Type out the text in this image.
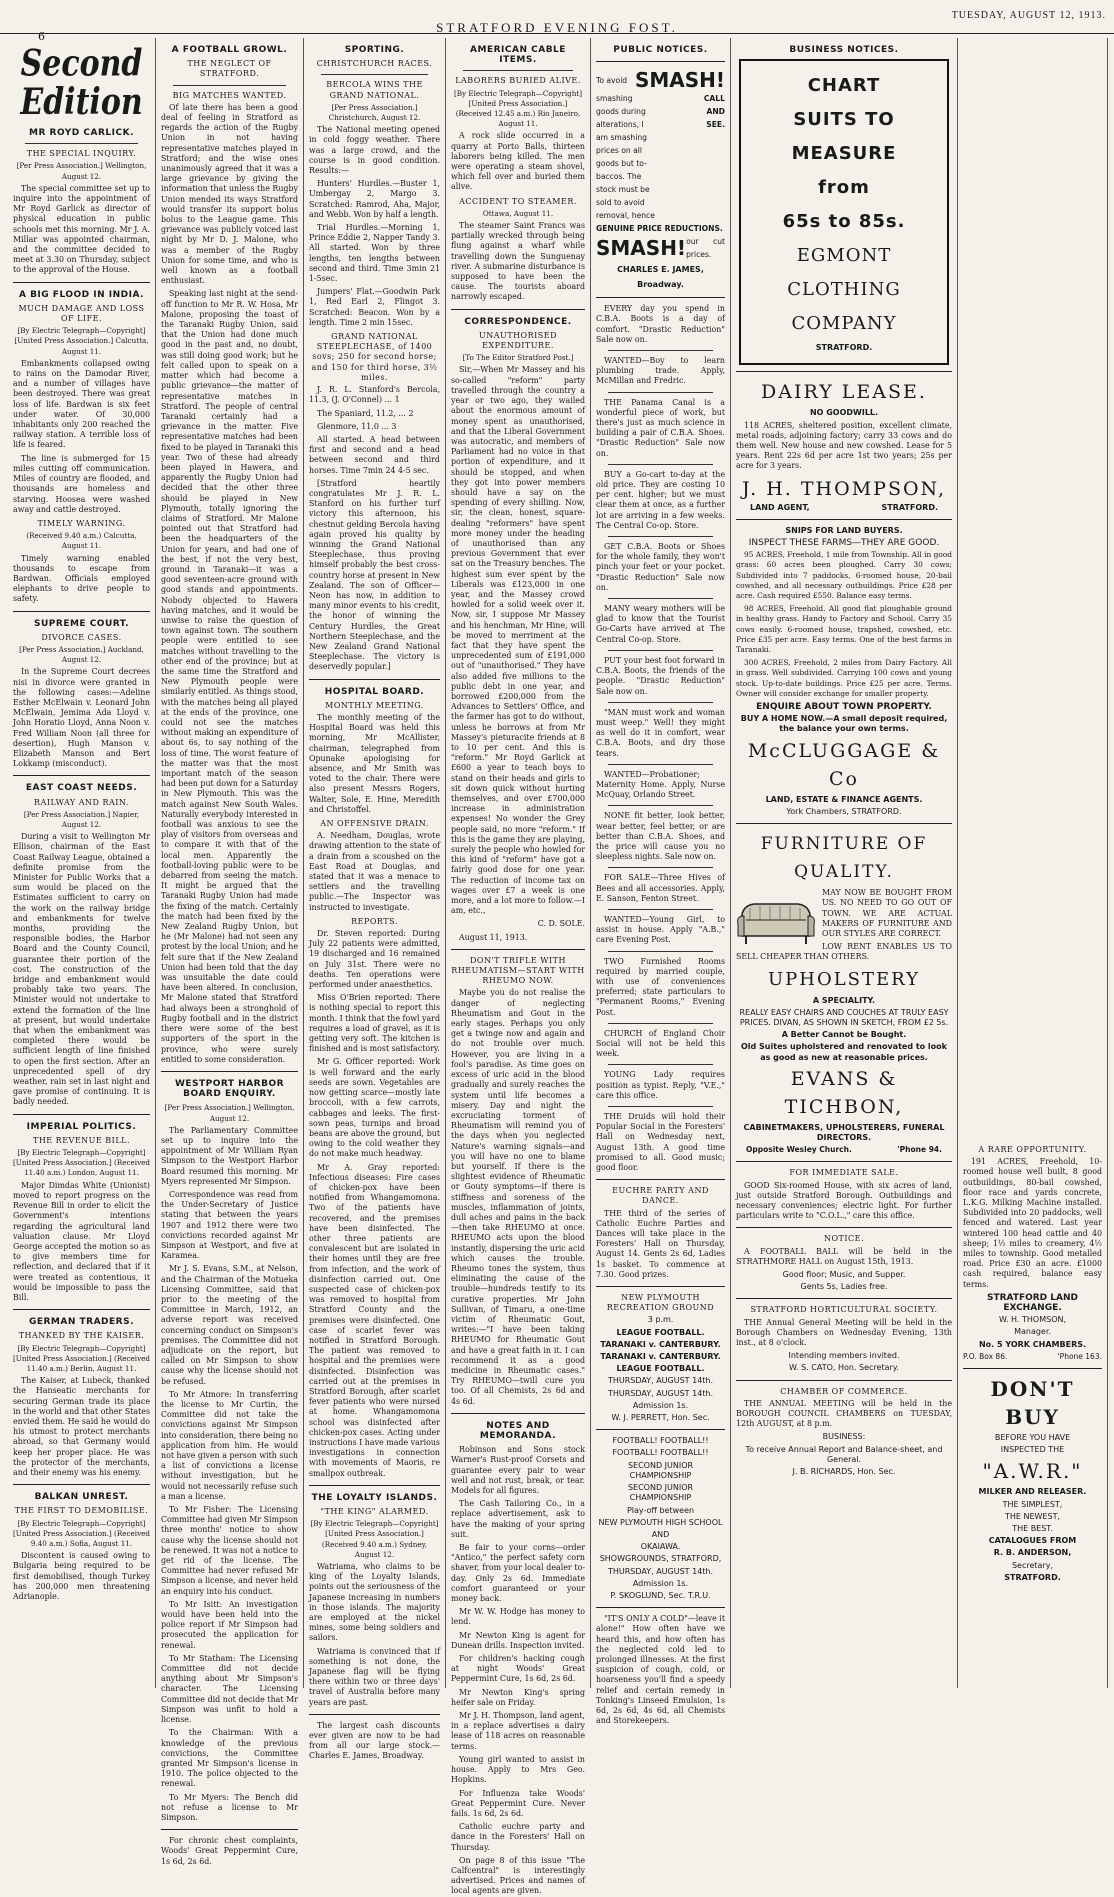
6
STRATFORD EVENING FOST.
TUESDAY, AUGUST 12, 1913.
Second Edition
MR ROYD CARLICK.
THE SPECIAL INQUIRY.
[Per Press Association.] Wellington, August 12.

The special committee set up to inquire into the appointment of Mr Royd Garlick as director of physical education in public schools met this morning. Mr J. A. Millar was appointed chairman, and the committee decided to meet at 3.30 on Thursday, subject to the approval of the House.

A BIG FLOOD IN INDIA.
MUCH DAMAGE AND LOSS OF LIFE.
[By Electric Telegraph—Copyright] [United Press Association.] Calcutta, August 11.

Embankments collapsed owing to rains on the Damodar River, and a number of villages have been destroyed. There was great loss of life. Bardwan is six feet under water. Of 30,000 inhabitants only 200 reached the railway station. A terrible loss of life is feared.

The line is submerged for 15 miles cutting off communication. Miles of country are flooded, and thousands are homeless and starving. Hoosea were washed away and cattle destroyed.

TIMELY WARNING.
(Received 9.40 a.m.) Calcutta, August 11.

Timely warning enabled thousands to escape from Bardwan. Officials employed elephants to drive people to safety.

SUPREME COURT.
DIVORCE CASES.
[Per Press Association.] Auckland, August 12.

In the Supreme Court decrees nisi in divorce were granted in the following cases:—Adeline Esther McElwain v. Leonard John McElwain, Jemima Ada Lloyd v. John Horatio Lloyd, Anna Noon v. Fred William Noon (all three for desertion), Hugh Manson v. Elizabeth Manson and Bert Lokkamp (misconduct).

EAST COAST NEEDS.
RAILWAY AND RAIN.
[Per Press Association.] Napier, August 12.

During a visit to Wellington Mr Ellison, chairman of the East Coast Railway League, obtained a definite promise from the Minister for Public Works that a sum would be placed on the Estimates sufficient to carry on the work on the railway bridge and embankments for twelve months, providing the responsible bodies, the Harbor Board and the County Council, guarantee their portion of the cost. The construction of the bridge and embankment would probably take two years. The Minister would not undertake to extend the formation of the line at present, but would undertake that when the embankment was completed there would be sufficient length of line finished to open the first section. After an unprecedented spell of dry weather, rain set in last night and gave promise of continuing. It is badly needed.

IMPERIAL POLITICS.
THE REVENUE BILL.
[By Electric Telegraph—Copyright] [United Press Association.] (Received 11.40 a.m.) London, August 11.

Major Dimdas White (Unionist) moved to report progress on the Revenue Bill in order to elicit the Government's intentions regarding the agricultural land valuation clause. Mr Lloyd George accepted the motion so as to give members time for reflection, and declared that if it were treated as contentious, it would be impossible to pass the Bill.

GERMAN TRADERS.
THANKED BY THE KAISER.
[By Electric Telegraph—Copyright] [United Press Association.] (Received 11.40 a.m.) Berlin, August 11.

The Kaiser, at Lubeck, thanked the Hanseatic merchants for securing German trade its place in the world and that other States envied them. He said he would do his utmost to protect merchants abroad, so that Germany would keep her proper place. He was the protector of the merchants, and their enemy was his enemy.

BALKAN UNREST.
THE FIRST TO DEMOBILISE.
[By Electric Telegraph—Copyright] [United Press Association.] (Received 9.40 a.m.) Sofia, August 11.

Discontent is caused owing to Bulgaria being required to be first demobilised, though Turkey has 200,000 men threatening Adrianople.

A FOOTBALL GROWL.
THE NEGLECT OF STRATFORD.
BIG MATCHES WANTED.

Of late there has been a good deal of feeling in Stratford as regards the action of the Rugby Union in not having representative matches played in Stratford; and the wise ones unanimously agreed that it was a large grievance by giving the information that unless the Rugby Union mended its ways Stratford would transfer its support bolus bolus to the League game. This grievance was publicly voiced last night by Mr D. J. Malone, who was a member of the Rugby Union for some time, and who is well known as a football enthusiast.

Speaking last night at the send-off function to Mr R. W. Hosa, Mr Malone, proposing the toast of the Taranaki Rugby Union, said that the Union had done much good in the past and, no doubt, was still doing good work; but he felt called upon to speak on a matter which had become a public grievance—the matter of representative matches in Stratford. The people of central Taranaki certainly had a grievance in the matter. Five representative matches had been fixed to be played in Taranaki this year. Two of these had already been played in Hawera, and apparently the Rugby Union had decided that the other three should be played in New Plymouth, totally ignoring the claims of Stratford. Mr Malone pointed out that Stratford had been the headquarters of the Union for years, and had one of the best, if not the very best, ground in Taranaki—it was a good seventeen-acre ground with good stands and appointments. Nobody objected to Hawera having matches, and it would be unwise to raise the question of town against town. The southern people were entitled to see matches without travelling to the other end of the province; but at the same time the Stratford and New Plymouth people were similarly entitled. As things stood, with the matches being all played at the ends of the province, one could not see the matches without making an expenditure of about 6s, to say nothing of the loss of time. The worst feature of the matter was that the most important match of the season had been put down for a Saturday in New Plymouth. This was the match against New South Wales. Naturally everybody interested in football was anxious to see the play of visitors from overseas and to compare it with that of the local men. Apparently the football-loving public were to be debarred from seeing the match. It might be argued that the Taranaki Rugby Union had made the fixing of the match. Certainly the match had been fixed by the New Zealand Rugby Union, but he (Mr Malone) had not seen any protest by the local Union; and he felt sure that if the New Zealand Union had been told that the day was unsuitable the date could have been altered. In conclusion, Mr Malone stated that Stratford had always been a stronghold of Rugby football and in the district there were some of the best supporters of the sport in the province, who were surely entitled to some consideration.

WESTPORT HARBOR BOARD ENQUIRY.
[Per Press Association.] Wellington, August 12.

The Parliamentary Committee set up to inquire into the appointment of Mr William Ryan Simpson to the Westport Harbor Board resumed this morning. Mr Myers represented Mr Simpson.

Correspondence was read from the Under-Secretary of Justice stating that between the years 1907 and 1912 there were two convictions recorded against Mr Simpson at Westport, and five at Karamea.

Mr J. S. Evans, S.M., at Nelson, and the Chairman of the Motueka Licensing Committee, said that prior to the meeting of the Committee in March, 1912, an adverse report was received concerning conduct on Simpson's premises. The Committee did not adjudicate on the report, but called on Mr Simpson to show cause why the license should not be refused.

To Mr Atmore: In transferring the license to Mr Curtin, the Committee did not take the convictions against Mr Simpson into consideration, there being no application from him. He would not have given a person with such a list of convictions a license without investigation, but he would not necessarily refuse such a man a license.

To Mr Fisher: The Licensing Committee had given Mr Simpson three months' notice to show cause why the license should not be renewed. It was not a notice to get rid of the license. The Committee had never refused Mr Simpson a license, and never held an enquiry into his conduct.

To Mr Isitt: An investigation would have been held into the police report if Mr Simpson had prosecuted the application for renewal.

To Mr Statham: The Licensing Committee did not decide anything about Mr Simpson's character. The Licensing Committee did not decide that Mr Simpson was unfit to hold a license.

To the Chairman: With a knowledge of the previous convictions, the Committee granted Mr Simpson's license in 1910. The police objected to the renewal.

To Mr Myers: The Bench did not refuse a license to Mr Simpson.

For chronic chest complaints, Woods' Great Peppermint Cure, 1s 6d, 2s 6d.

SPORTING.
CHRISTCHURCH RACES.
BERCOLA WINS THE GRAND NATIONAL.
[Per Press Association.] Christchurch, August 12.

The National meeting opened in cold foggy weather. There was a large crowd, and the course is in good condition. Results:—

Hunters' Hurdles.—Buster 1, Umbergay 2, Margo 3. Scratched: Ramrod, Aha, Major, and Webb. Won by half a length.

Trial Hurdles.—Morning 1, Prince Eddie 2, Napper Tandy 3. All started. Won by three lengths, ten lengths between second and third. Time 3min 21 1-5sec.

Jumpers' Flat.—Goodwin Park 1, Red Earl 2, Flingot 3. Scratched: Beacon. Won by a length. Time 2 min 15sec.

GRAND NATIONAL STEEPLECHASE, of 1400 sovs; 250 for second horse; and 150 for third horse, 3½ miles.

J. R. L. Stanford's Bercola, 11.3, (J. O'Connel) ... 1

The Spaniard, 11.2, ... 2

Glenmore, 11.0 ... 3

All started. A head between first and second and a head between second and third horses. Time 7min 24 4-5 sec.

[Stratford heartily congratulates Mr J. R. L. Stanford on his further turf victory this afternoon, his chestnut gelding Bercola having again proved his quality by winning the Grand National Steeplechase, thus proving himself probably the best cross-country horse at present in New Zealand. The son of Officer—Neon has now, in addition to many minor events to his credit, the honor of winning the Century Hurdles, the Great Northern Steeplechase, and the New Zealand Grand National Steeplechase. The victory is deservedly popular.]

HOSPITAL BOARD.
MONTHLY MEETING.

The monthly meeting of the Hospital Board was held this morning, Mr McAllister, chairman, telegraphed from Opunake apologising for absence, and Mr Smith was voted to the chair. There were also present Messrs Rogers, Walter, Sole, E. Hine, Meredith and Christoffel.

AN OFFENSIVE DRAIN.

A. Needham, Douglas, wrote drawing attention to the state of a drain from a scoushed on the East Road at Douglas, and stated that it was a menace to settlers and the travelling public.—The Inspector was instructed to investigate.

REPORTS.

Dr. Steven reported: During July 22 patients were admitted, 19 discharged and 16 remained on July 31st. There were no deaths. Ten operations were performed under anaesthetics.

Miss O'Brien reported: There is nothing special to report this month. I think that the fowl yard requires a load of gravel, as it is getting very soft. The kitchen is finished and is most satisfactory.

Mr G. Officer reported: Work is well forward and the early seeds are sown. Vegetables are now getting scarce—mostly late broccoli, with a few carrots, cabbages and leeks. The first-sown peas, turnips and broad beans are above the ground, but owing to the cold weather they do not make much headway.

Mr A. Gray reported: Infectious diseases: Fire cases of chicken-pox have been notified from Whangamomona. Two of the patients have recovered, and the premises have been disinfected. The other three patients are convalescent but are isolated in their homes until they are free from infection, and the work of disinfection carried out. One suspected case of chicken-pox was removed to hospital from Stratford County and the premises were disinfected. One case of scarlet fever was notified in Stratford Borough. The patient was removed to hospital and the premises were disinfected. Disinfection was carried out at the premises in Stratford Borough, after scarlet fever patients who were nursed at home. Whangamomona school was disinfected after chicken-pox cases. Acting under instructions I have made various investigations in connection with movements of Maoris, re smallpox outbreak.

THE LOYALTY ISLANDS.
"THE KING" ALARMED.
[By Electric Telegraph—Copyright] [United Press Association.] (Received 9.40 a.m.) Sydney, August 12.

Watriama, who claims to be king of the Loyalty Islands, points out the seriousness of the Japanese increasing in numbers in those islands. The majority are employed at the nickel mines, some being soldiers and sailors.

Watriama is convinced that if something is not done, the Japanese flag will be flying there within two or three days' travel of Australia before many years are past.

The largest cash discounts ever given are now to be had from all our large stock.—Charles E. James, Broadway.

AMERICAN CABLE ITEMS.
LABORERS BURIED ALIVE.
[By Electric Telegraph—Copyright] [United Press Association.] (Received 12.45 a.m.) Rio Janeiro, August 11.

A rock slide occurred in a quarry at Porto Balls, thirteen laborers being killed. The men were operating a steam shovel, which fell over and buried them alive.

ACCIDENT TO STEAMER.
Ottawa, August 11.

The steamer Saint Francs was partially wrecked through being flung against a wharf while travelling down the Sunguenay river. A submarine disturbance is supposed to have been the cause. The tourists aboard narrowly escaped.

CORRESPONDENCE.
UNAUTHORISED EXPENDITURE.
[To The Editor Stratford Post.]

Sir,—When Mr Massey and his so-called "reform" party travelled through the country a year or two ago, they wailed about the enormous amount of money spent as unauthorised, and that the Liberal Government was autocratic, and members of Parliament had no voice in that portion of expenditure, and it should be stopped, and when they got into power members should have a say on the spending of every shilling. Now, sir, the clean, honest, square-dealing "reformers" have spent more money under the heading of unauthorised than any previous Government that ever sat on the Treasury benches. The highest sum ever spent by the Liberals was £123,000 in one year, and the Massey crowd howled for a solid week over it. Now, sir, I suppose Mr Massey and his henchman, Mr Hine, will be moved to merriment at the fact that they have spent the unprecedented sum of £191,000 out of "unauthorised." They have also added five millions to the public debt in one year, and borrowed £200,000 from the Advances to Settlers' Office, and the farmer has got to do without, unless he borrows at from Mr Massey's pieturacite friends at 8 to 10 per cent. And this is "reform." Mr Royd Garlick at £600 a year to teach boys to stand on their heads and girls to sit down quick without hurting themselves, and over £700,000 increase in administration expenses! No wonder the Grey people said, no more "reform." If this is the game they are playing, surely the people who howled for this kind of "reform" have got a fairly good dose for one year. The reduction of income tax on wages over £7 a week is one more, and a lot more to follow.—I am, etc.,

C. D. SOLE.

August 11, 1913.

DON'T TRIFLE WITH RHEUMATISM—START WITH RHEUMO NOW.

Maybe you do not realise the danger of neglecting Rheumatism and Gout in the early stages. Perhaps you only get a twinge now and again and do not trouble over much. However, you are living in a fool's paradise. As time goes on excess of uric acid in the blood gradually and surely reaches the system until life becomes a misery. Day and night the excruciating torment of Rheumatism will remind you of the days when you neglected Nature's warning signals—and you will have no one to blame but yourself. If there is the slightest evidence of Rheumatic or Gouty symptoms—if there is stiffness and soreness of the muscles, inflammation of joints, dull aches and pains in the back—then take RHEUMO at once. RHEUMO acts upon the blood instantly, dispersing the uric acid which causes the trouble. Rheumo tones the system, thus eliminating the cause of the trouble—hundreds testify to its curative properties. Mr John Sullivan, of Timaru, a one-time victim of Rheumatic Gout, writes:—"I have been taking RHEUMO for Rheumatic Gout and have a great faith in it. I can recommend it as a good medicine in Rheumatic cases." Try RHEUMO—twill cure you too. Of all Chemists, 2s 6d and 4s 6d.

NOTES AND MEMORANDA.

Robinson and Sons stock Warner's Rust-proof Corsets and guarantee every pair to wear well and not rust, break, or tear. Models for all figures.

The Cash Tailoring Co., in a replace advertisement, ask to have the making of your spring suit.

Be fair to your corns—order "Antico," the perfect safety corn shaver, from your local dealer to-day. Only 2s 6d. Immediate comfort guaranteed or your money back.

Mr W. W. Hodge has money to lend.

Mr Newton King is agent for Dunean drills. Inspection invited.

For children's hacking cough at night Woods' Great Peppermint Cure, 1s 6d, 2s 6d.

Mr Newton King's spring heifer sale on Friday.

Mr J. H. Thompson, land agent, in a replace advertises a dairy lease of 118 acres on reasonable terms.

Young girl wanted to assist in house. Apply to Mrs Geo. Hopkins.

For Influenza take Woods' Great Peppermint Cure. Never fails. 1s 6d, 2s 6d.

Catholic euchre party and dance in the Foresters' Hall on Thursday.

On page 8 of this issue "The Calfcentral" is interestingly advertised. Prices and names of local agents are given.

PUBLIC NOTICES.
To avoid SMASH!
smashing
goods during
alterations, I
am smashing
prices on all
goods but to-
baccos. The
stock must be
sold to avoid
removal, hence
CALL AND SEE.
GENUINE PRICE REDUCTIONS.
SMASH! our cut prices.
CHARLES E. JAMES,
Broadway.

EVERY day you spend in C.B.A. Boots is a day of comfort. "Drastic Reduction" Sale now on.

WANTED—Boy to learn plumbing trade. Apply, McMillan and Fredric.

THE Panama Canal is a wonderful piece of work, but there's just as much science in building a pair of C.B.A. Shoes. "Drastic Reduction" Sale now on.

BUY a Go-cart to-day at the old price. They are costing 10 per cent. higher; but we must clear them at once, as a further lot are arriving in a few weeks. The Central Co-op. Store.

GET C.B.A. Boots or Shoes for the whole family, they won't pinch your feet or your pocket. "Drastic Reduction" Sale now on.

MANY weary mothers will be glad to know that the Tourist Go-Carts have arrived at The Central Co-op. Store.

PUT your best foot forward in C.B.A. Boots, the friends of the people. "Drastic Reduction" Sale now on.

"MAN must work and woman must weep." Well! they might as well do it in comfort, wear C.B.A. Boots, and dry those tears.

WANTED—Probationer; Maternity Home. Apply, Nurse McQuay, Orlando Street.

NONE fit better, look better, wear better, feel better, or are better than C.B.A. Shoes, and the price will cause you no sleepless nights. Sale now on.

FOR SALE—Three Hives of Bees and all accessories. Apply, E. Sanson, Fenton Street.

WANTED—Young Girl, to assist in house. Apply "A.B.," care Evening Post.

TWO Furnished Rooms required by married couple, with use of conveniences preferred; state particulars to "Permanent Rooms," Evening Post.

CHURCH of England Choir Social will not be held this week.

YOUNG Lady requires position as typist. Reply, "V.E.," care this office.

THE Druids will hold their Popular Social in the Foresters' Hall on Wednesday next, August 13th. A good time promised to all. Good music; good floor.

EUCHRE PARTY AND DANCE.

THE third of the series of Catholic Euchre Parties and Dances will take place in the Foresters' Hall on Thursday, August 14. Gents 2s 6d, Ladies 1s basket. To commence at 7.30. Good prizes.

NEW PLYMOUTH RECREATION GROUND
3 p.m.
LEAGUE FOOTBALL.
TARANAKI v. CANTERBURY.
TARANAKI v. CANTERBURY.
LEAGUE FOOTBALL.
THURSDAY, AUGUST 14th.
THURSDAY, AUGUST 14th.
Admission 1s.
W. J. PERRETT, Hon. Sec.
FOOTBALL! FOOTBALL!!
FOOTBALL! FOOTBALL!!
SECOND JUNIOR CHAMPIONSHIP
SECOND JUNIOR CHAMPIONSHIP
Play-off between
NEW PLYMOUTH HIGH SCHOOL
AND
OKAIAWA.
SHOWGROUNDS, STRATFORD,
THURSDAY, AUGUST 14th.
Admission 1s.
P. SKOGLUND, Sec. T.R.U.

"IT'S ONLY A COLD"—leave it alone!" How often have we heard this, and how often has the neglected cold led to prolonged illnesses. At the first suspicion of cough, cold, or hoarseness you'll find a speedy relief and certain remedy in Tonking's Linseed Emulsion, 1s 6d, 2s 6d, 4s 6d, all Chemists and Storekeepers.

BUSINESS NOTICES.
CHART
SUITS TO MEASURE
from
65s to 85s.
EGMONT CLOTHING
COMPANY
STRATFORD.
DAIRY LEASE.
NO GOODWILL.

118 ACRES, sheltered position, excellent climate, metal roads, adjoining factory; carry 33 cows and do them well. New house and new cowshed. Lease for 5 years. Rent 22s 6d per acre 1st two years; 25s per acre for 3 years.

J. H. THOMPSON,
LAND AGENT,	STRATFORD.
SNIPS FOR LAND BUYERS.
INSPECT THESE FARMS—THEY ARE GOOD.

95 ACRES, Freehold, 1 mile from Township. All in good grass: 60 acres been ploughed. Carry 30 cows; Subdivided into 7 paddocks, 6-roomed house, 20-bail cowshed, and all necessary outbuildings. Price £28 per acre. Cash required £550. Balance easy terms.

98 ACRES, Freehold. All good flat ploughable ground in healthy grass. Handy to Factory and School. Carry 35 cows easily. 6-roomed house, trapshed, cowshed, etc. Price £35 per acre. Easy terms. One of the best farms in Taranaki.

300 ACRES, Freehold, 2 miles from Dairy Factory. All in grass. Well subdivided. Carrying 100 cows and young stock. Up-to-date buildings. Price £25 per acre. Terms. Owner will consider exchange for smaller property.

ENQUIRE ABOUT TOWN PROPERTY.
BUY A HOME NOW.—A small deposit required, the balance your own terms.
McCLUGGAGE & Co
LAND, ESTATE & FINANCE AGENTS.
York Chambers, STRATFORD.
FURNITURE OF QUALITY.

MAY NOW BE BOUGHT FROM US. NO NEED TO GO OUT OF TOWN. WE ARE ACTUAL MAKERS OF FURNITURE AND OUR STYLES ARE CORRECT.

LOW RENT ENABLES US TO SELL CHEAPER THAN OTHERS.

UPHOLSTERY
A SPECIALITY.
REALLY EASY CHAIRS AND COUCHES AT TRULY EASY PRICES. DIVAN, AS SHOWN IN SKETCH, FROM £2 5s.
A Better Cannot be Bought.
Old Suites upholstered and renovated to look as good as new at reasonable prices.
EVANS & TICHBON,
CABINETMAKERS, UPHOLSTERERS, FUNERAL DIRECTORS.
Opposite Wesley Church.	'Phone 94.
FOR IMMEDIATE SALE.

GOOD Six-roomed House, with six acres of land, just outside Stratford Borough. Outbuildings and necessary conveniences; electric light. For further particulars write to "C.O.L.," care this office.

NOTICE.

A FOOTBALL BALL will be held in the STRATHMORE HALL on August 15th, 1913.

Good floor; Music, and Supper.
Gents 5s, Ladies free.
STRATFORD HORTICULTURAL SOCIETY.

THE Annual General Meeting will be held in the Borough Chambers on Wednesday Evening, 13th inst., at 8 o'clock.

Intending members invited.
W. S. CATO, Hon. Secretary.
CHAMBER OF COMMERCE.

THE ANNUAL MEETING will be held in the BOROUGH COUNCIL CHAMBERS on TUESDAY, 12th AUGUST, at 8 p.m.

BUSINESS:
To receive Annual Report and Balance-sheet, and General.
J. B. RICHARDS, Hon. Sec.
A RARE OPPORTUNITY.

191 ACRES, Freehold, 10-roomed house well built, 8 good outbuildings, 80-bail cowshed, floor race and yards concrete, L.K.G. Milking Machine installed. Subdivided into 20 paddocks, well fenced and watered. Last year wintered 100 head cattle and 40 sheep; 1½ miles to creamery, 4½ miles to township. Good metalled road. Price £30 an acre. £1000 cash required, balance easy terms.

STRATFORD LAND EXCHANGE.
W. H. THOMSON,
Manager.
No. 5 YORK CHAMBERS.
P.O. Box 86.	'Phone 163.
DON'T BUY
BEFORE YOU HAVE
INSPECTED THE
"A.W.R."
MILKER AND RELEASER.
THE SIMPLEST,
THE NEWEST,
THE BEST.
CATALOGUES FROM
R. B. ANDERSON,
Secretary,
STRATFORD.
